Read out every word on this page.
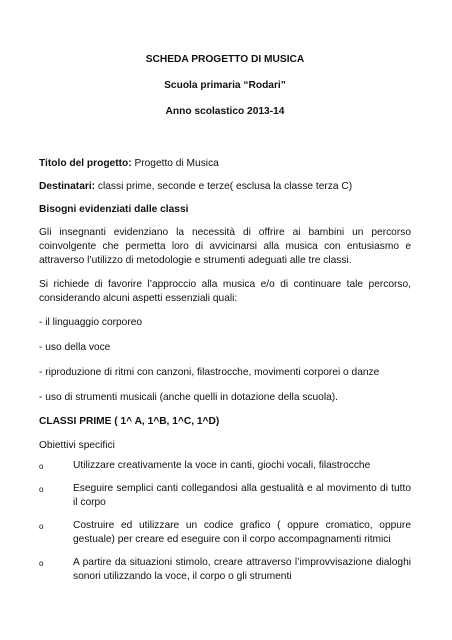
SCHEDA PROGETTO DI MUSICA
Scuola primaria “Rodari”
Anno scolastico 2013-14
Titolo del progetto: Progetto di Musica
Destinatari: classi prime, seconde e terze( esclusa la classe terza C)
Bisogni evidenziati dalle classi
Gli insegnanti evidenziano la necessità di offrire ai bambini un percorso coinvolgente che permetta loro di avvicinarsi alla musica con entusiasmo e attraverso l’utilizzo di metodologie e strumenti adeguati alle tre classi.
Si richiede di favorire l’approccio alla musica e/o di continuare tale percorso, considerando alcuni aspetti essenziali quali:
- il linguaggio corporeo
- uso della voce
- riproduzione di ritmi con canzoni, filastrocche, movimenti corporei o danze
- uso di strumenti musicali (anche quelli in dotazione della scuola).
CLASSI PRIME ( 1^ A, 1^B, 1^C, 1^D)
Obiettivi specifici
o	Utilizzare creativamente la voce in canti, giochi vocali, filastrocche
o	Eseguire semplici canti collegandosi alla gestualità e al movimento di tutto il corpo
o	Costruire ed utilizzare un codice grafico ( oppure cromatico, oppure gestuale) per creare ed eseguire con il corpo accompagnamenti ritmici
o	A partire da situazioni stimolo, creare attraverso l’improvvisazione dialoghi sonori utilizzando la voce, il corpo o gli strumenti
